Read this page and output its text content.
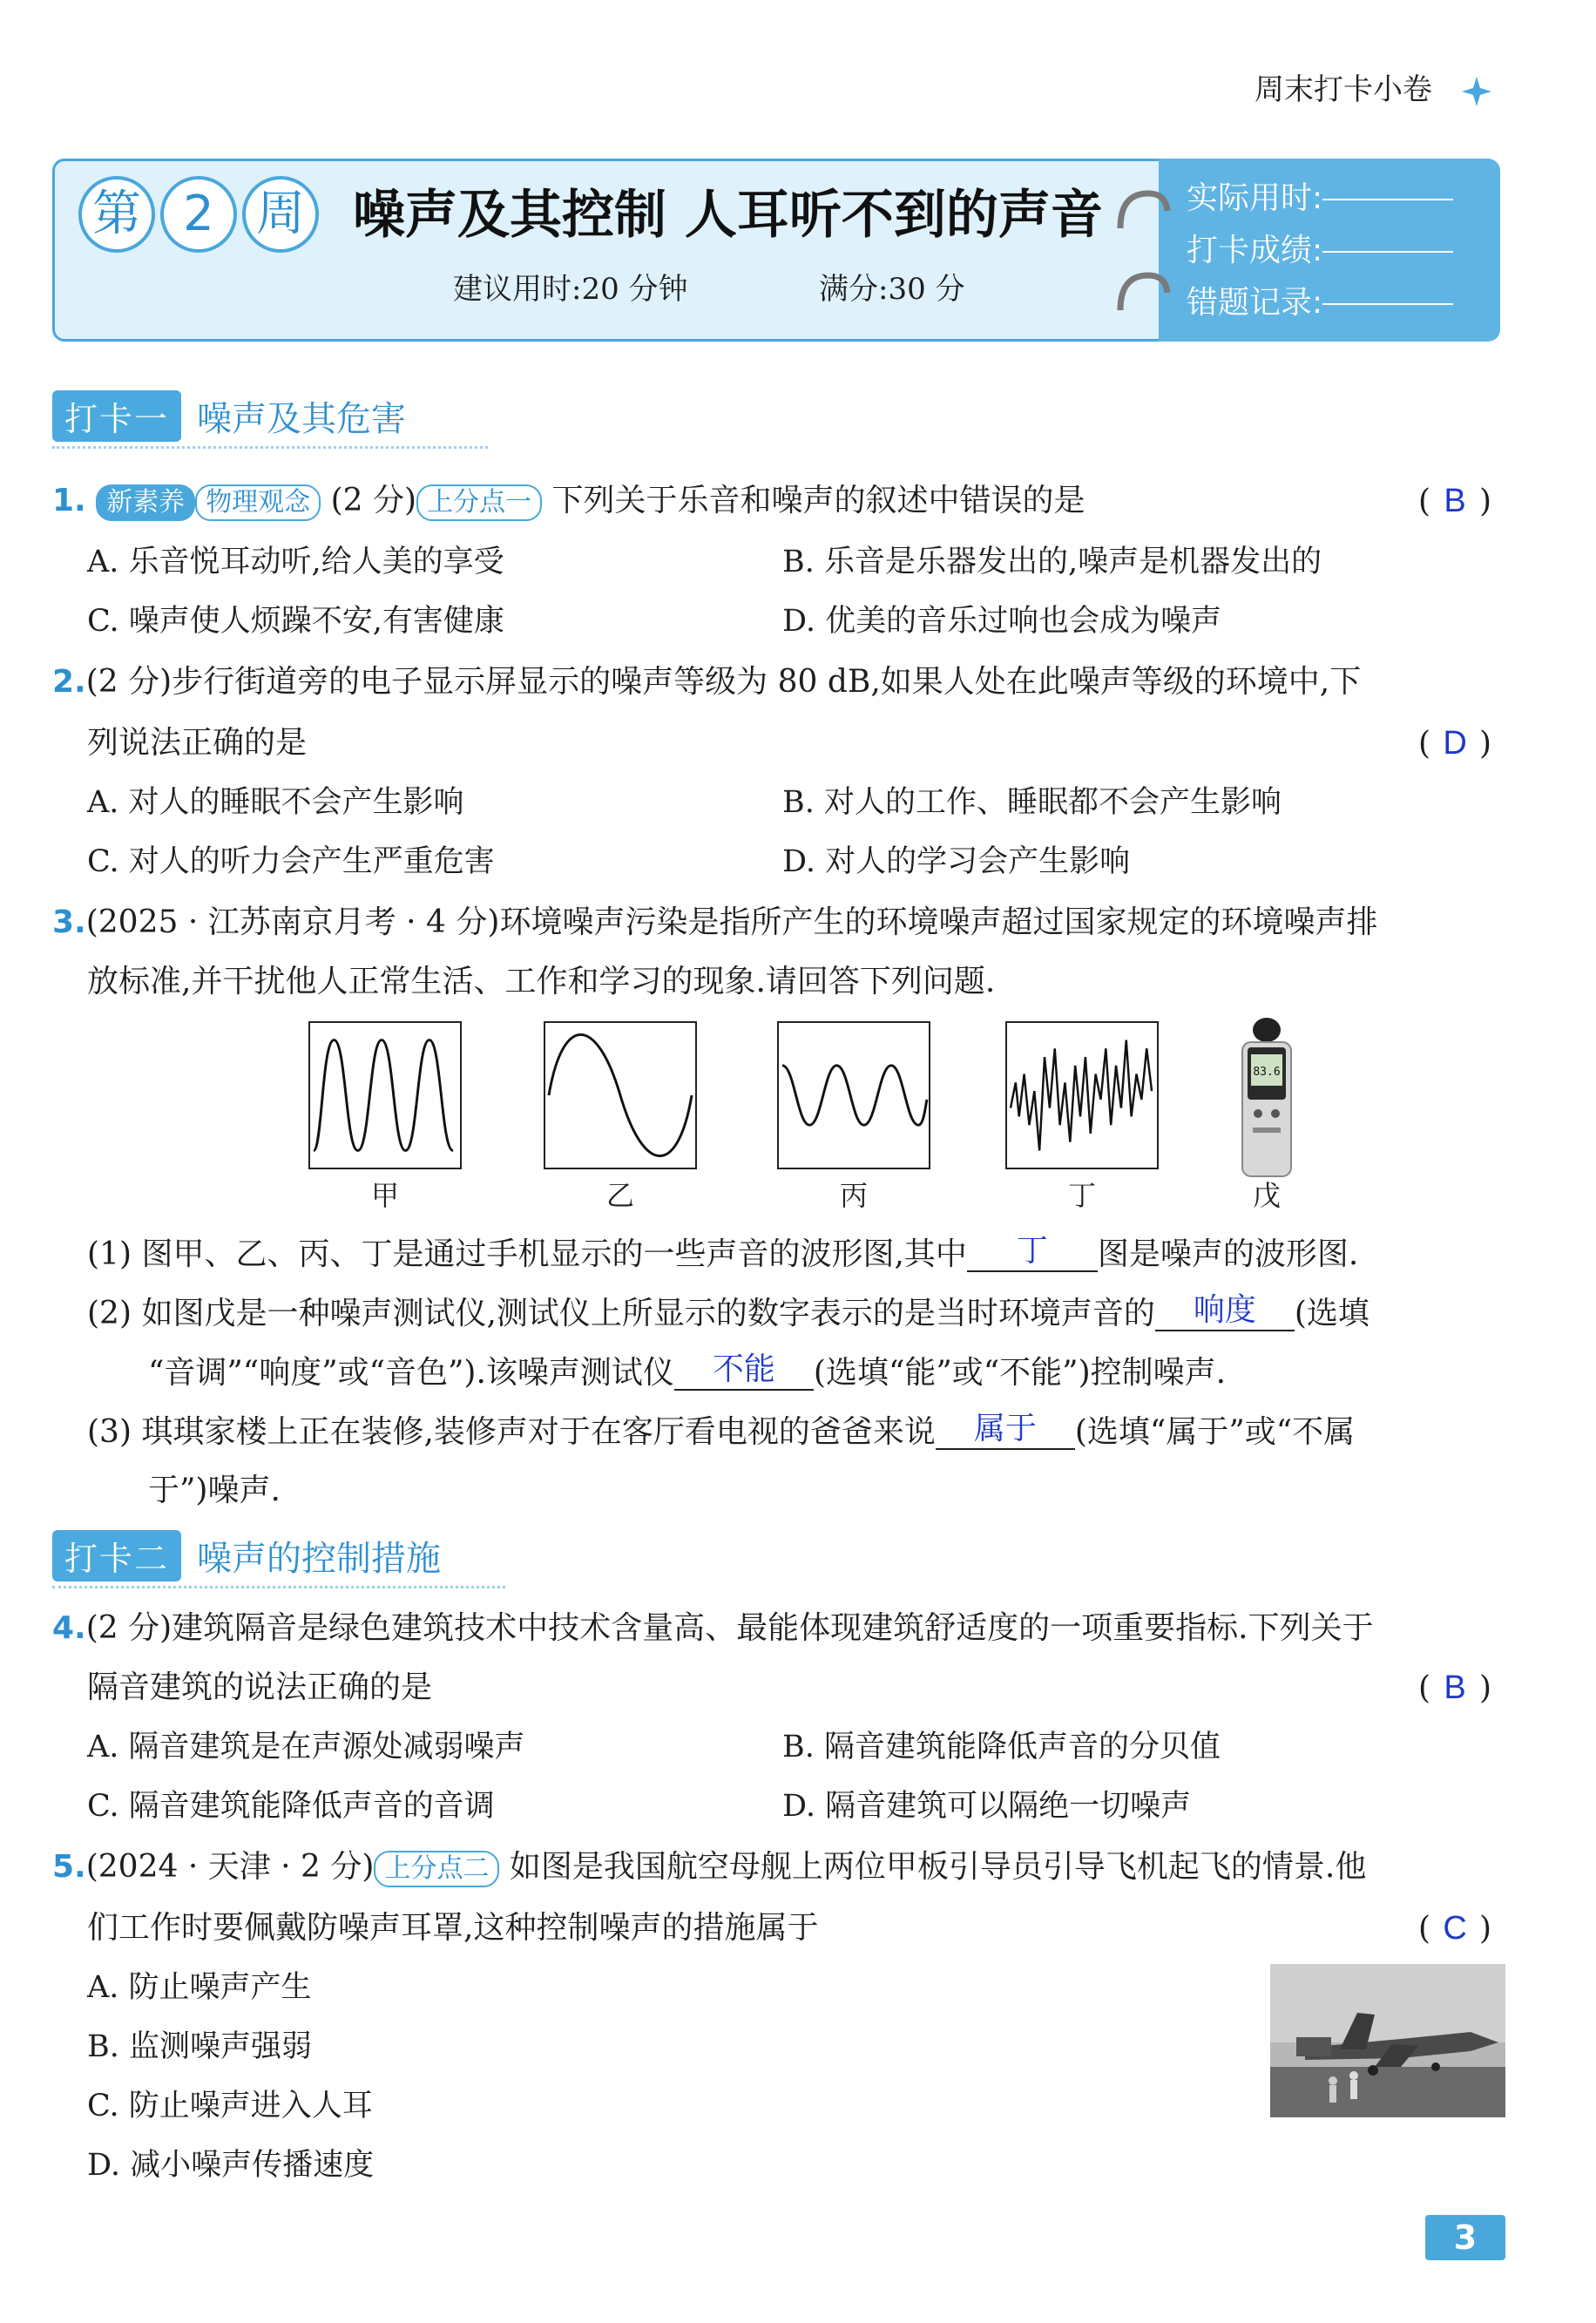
周末打卡小卷
第 2 周 噪声及其控制 人耳听不到的声音
建议用时:20 分钟	满分:30 分
实际用时:
打卡成绩:
错题记录:
打卡一 噪声及其危害
1. 新素养 物理观念 (2 分) 上分点一 下列关于乐音和噪声的叙述中错误的是	( B )
A. 乐音悦耳动听,给人美的享受	B. 乐音是乐器发出的,噪声是机器发出的
C. 噪声使人烦躁不安,有害健康	D. 优美的音乐过响也会成为噪声
2.(2 分)步行街道旁的电子显示屏显示的噪声等级为 80 dB,如果人处在此噪声等级的环境中,下
列说法正确的是	( D )
A. 对人的睡眠不会产生影响	B. 对人的工作、睡眠都不会产生影响
C. 对人的听力会产生严重危害	D. 对人的学习会产生影响
3.(2025 · 江苏南京月考 · 4 分)环境噪声污染是指所产生的环境噪声超过国家规定的环境噪声排
放标准,并干扰他人正常生活、工作和学习的现象.请回答下列问题.
83.6
甲	乙	丙	丁	戊
(1) 图甲、乙、丙、丁是通过手机显示的一些声音的波形图,其中 丁 图是噪声的波形图.
(2) 如图戊是一种噪声测试仪,测试仪上所显示的数字表示的是当时环境声音的 响度 (选填
“音调”“响度”或“音色”).该噪声测试仪 不能 (选填“能”或“不能”)控制噪声.
(3) 琪琪家楼上正在装修,装修声对于在客厅看电视的爸爸来说 属于 (选填“属于”或“不属
于”)噪声.
打卡二 噪声的控制措施
4.(2 分)建筑隔音是绿色建筑技术中技术含量高、最能体现建筑舒适度的一项重要指标.下列关于
隔音建筑的说法正确的是	( B )
A. 隔音建筑是在声源处减弱噪声	B. 隔音建筑能降低声音的分贝值
C. 隔音建筑能降低声音的音调	D. 隔音建筑可以隔绝一切噪声
5.(2024 · 天津 · 2 分) 上分点二 如图是我国航空母舰上两位甲板引导员引导飞机起飞的情景.他
们工作时要佩戴防噪声耳罩,这种控制噪声的措施属于	( C )
A. 防止噪声产生
B. 监测噪声强弱
C. 防止噪声进入人耳
D. 减小噪声传播速度
3
